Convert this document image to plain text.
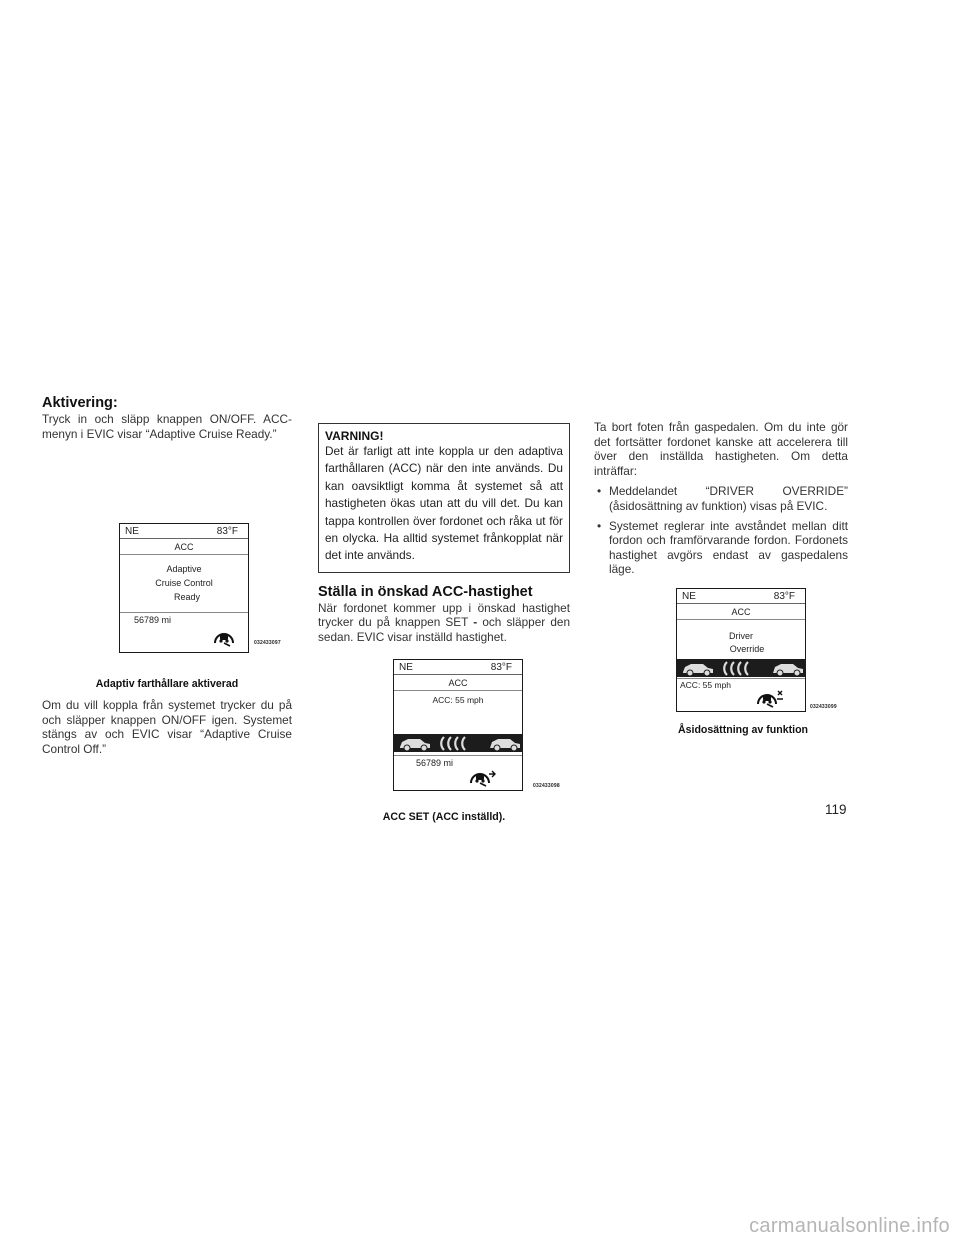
Aktivering:
Tryck in och släpp knappen ON/OFF. ACC-menyn i EVIC visar “Adaptive Cruise Ready.”
NE	83°F
ACC
Adaptive
Cruise Control
Ready
56789 mi
032433097
Adaptiv farthållare aktiverad
Om du vill koppla från systemet trycker du på och släpper knappen ON/OFF igen. Systemet stängs av och EVIC visar “Adaptive Cruise Control Off.”
VARNING!
Det är farligt att inte koppla ur den adaptiva farthållaren (ACC) när den inte används. Du kan oavsiktligt komma åt systemet så att hastigheten ökas utan att du vill det. Du kan tappa kontrollen över fordonet och råka ut för en olycka. Ha alltid systemet frånkopplat när det inte används.
Ställa in önskad ACC-hastighet
När fordonet kommer upp i önskad hastighet trycker du på knappen SET - och släpper den sedan. EVIC visar inställd hastighet.
NE	83°F
ACC
ACC: 55 mph
56789 mi
032433098
ACC SET (ACC inställd).
Ta bort foten från gaspedalen. Om du inte gör det fortsätter fordonet kanske att accelerera till över den inställda hastigheten. Om detta inträffar:
• Meddelandet “DRIVER OVERRIDE” (åsidosättning av funktion) visas på EVIC.
• Systemet reglerar inte avståndet mellan ditt fordon och framförvarande fordon. Fordonets hastighet avgörs endast av gaspedalens läge.
NE	83°F
ACC
Driver
Override
ACC: 55 mph
032433099
Åsidosättning av funktion
119
carmanualsonline.info
